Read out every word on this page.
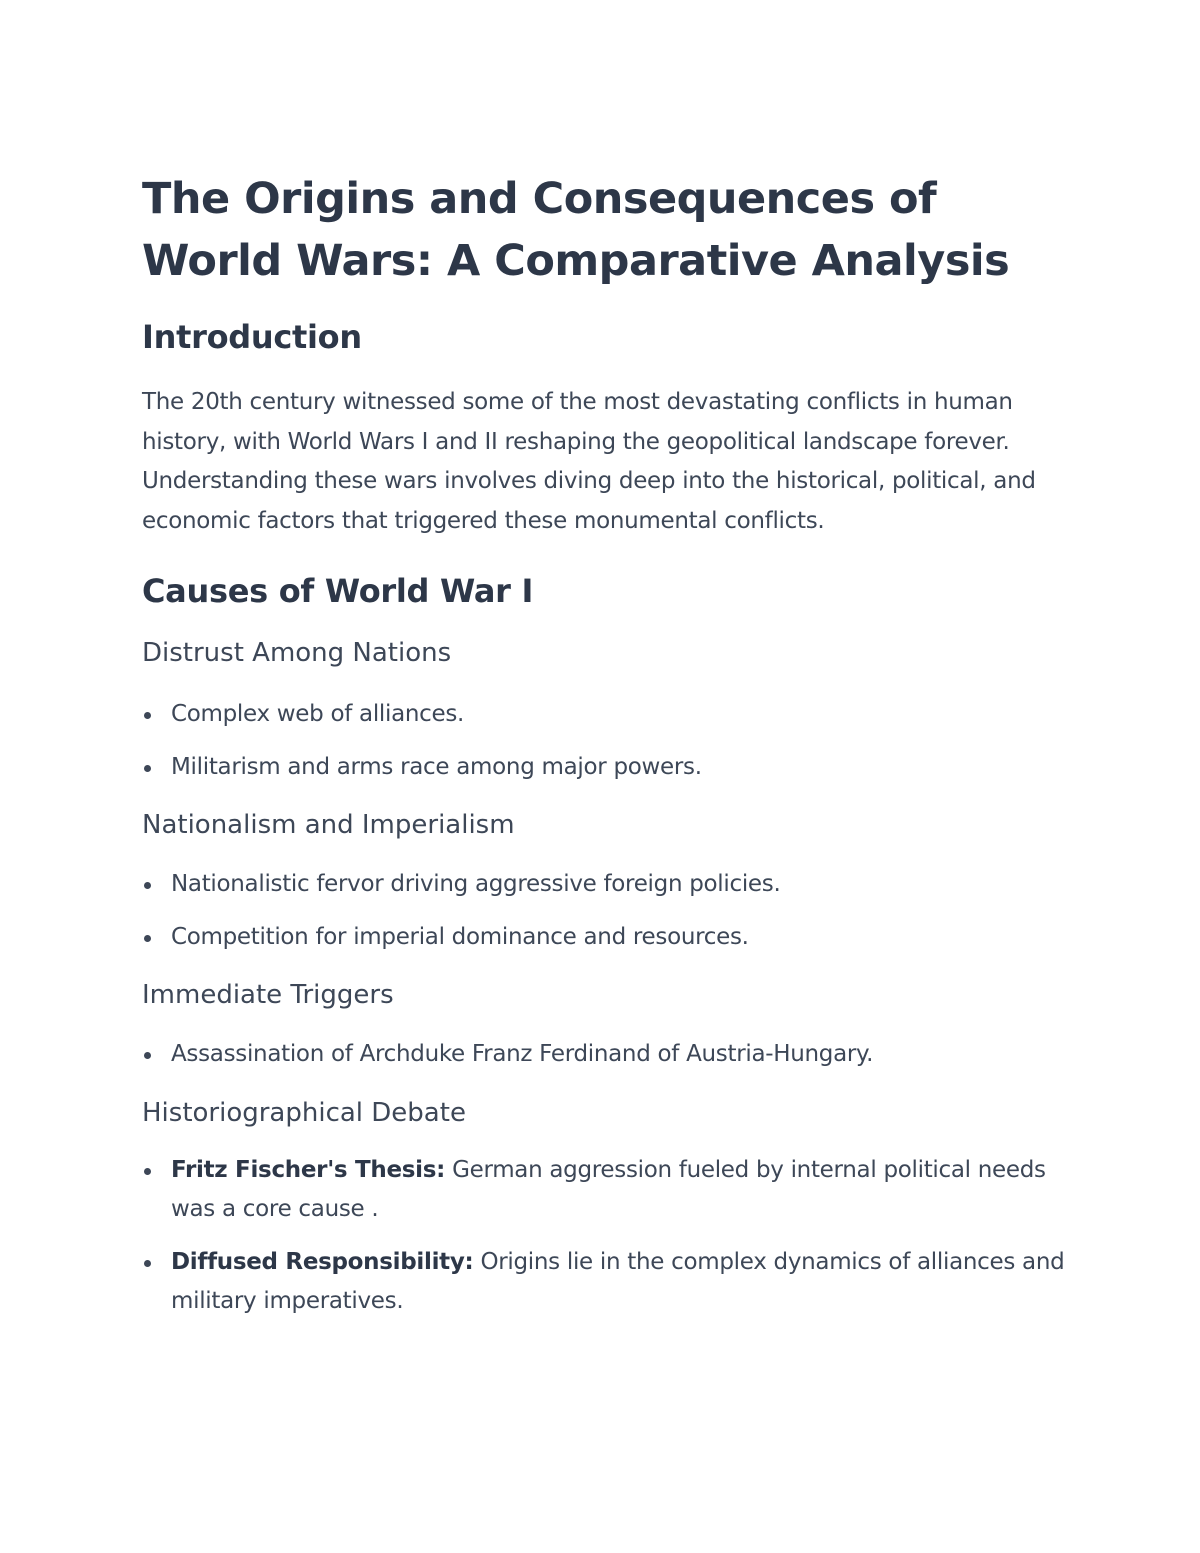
The Origins and Consequences of
World Wars: A Comparative Analysis
Introduction

The 20th century witnessed some of the most devastating conflicts in human history, with World Wars I and II reshaping the geopolitical landscape forever. Understanding these wars involves diving deep into the historical, political, and economic factors that triggered these monumental conflicts.

Causes of World War I
Distrust Among Nations
Complex web of alliances.
Militarism and arms race among major powers.
Nationalism and Imperialism
Nationalistic fervor driving aggressive foreign policies.
Competition for imperial dominance and resources.
Immediate Triggers
Assassination of Archduke Franz Ferdinand of Austria-Hungary.
Historiographical Debate
Fritz Fischer's Thesis: German aggression fueled by internal political needs was a core cause .
Diffused Responsibility: Origins lie in the complex dynamics of alliances and military imperatives.
